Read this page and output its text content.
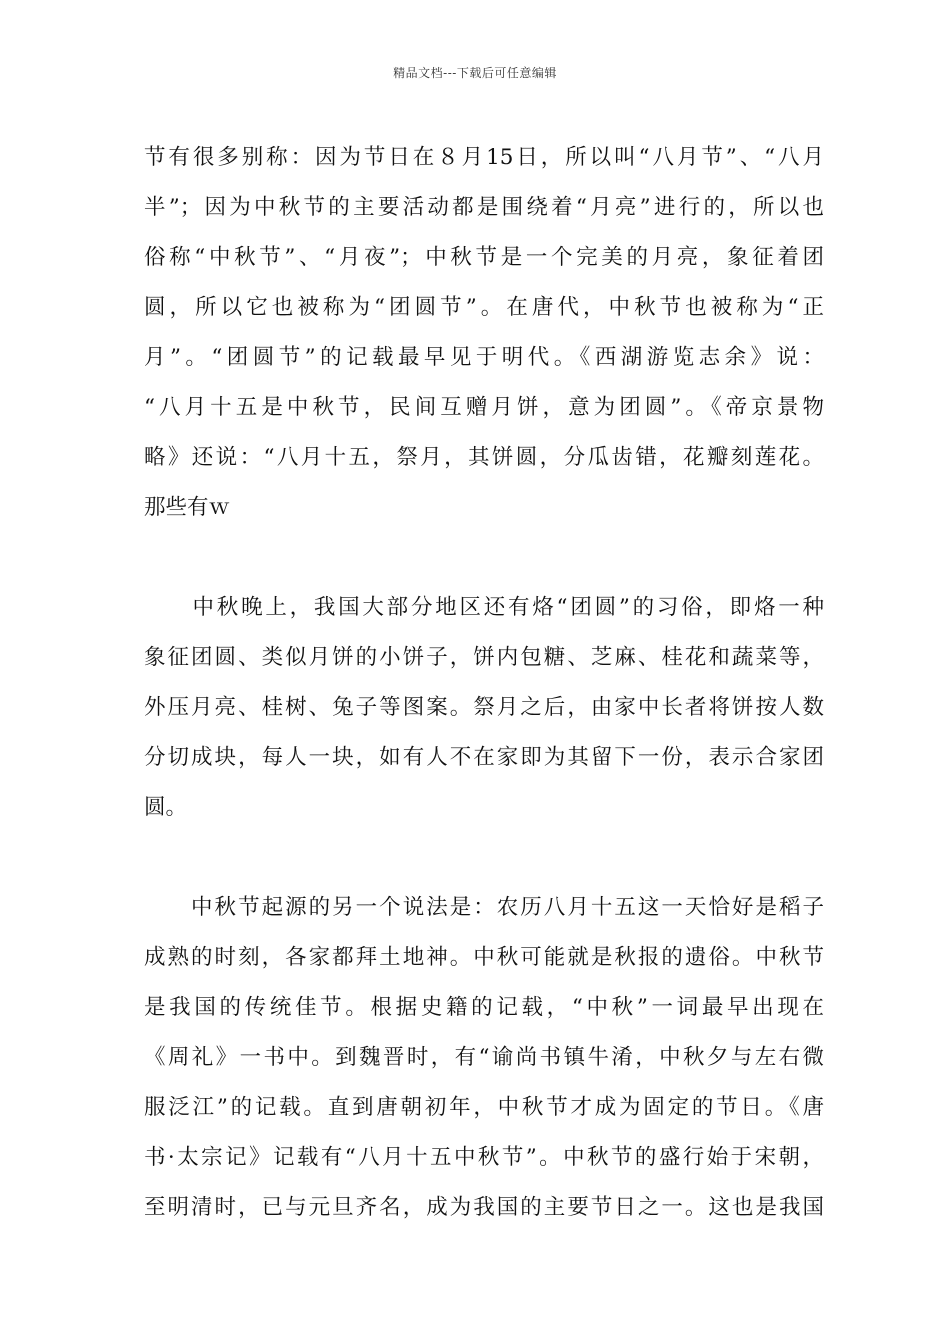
精品文档---下载后可任意编辑
节有很多别称：因为节日在８月15日，所以叫“八月节”、“八月
半”；因为中秋节的主要活动都是围绕着“月亮”进行的，所以也
俗称“中秋节”、“月夜”；中秋节是一个完美的月亮，象征着团
圆，所以它也被称为“团圆节”。在唐代，中秋节也被称为“正
月”。“团圆节”的记载最早见于明代。《西湖游览志余》说：
“八月十五是中秋节，民间互赠月饼，意为团圆”。《帝京景物
略》还说：“八月十五，祭月，其饼圆，分瓜齿错，花瓣刻莲花。
那些有ｗ
　　中秋晚上，我国大部分地区还有烙“团圆”的习俗，即烙一种
象征团圆、类似月饼的小饼子，饼内包糖、芝麻、桂花和蔬菜等，
外压月亮、桂树、兔子等图案。祭月之后，由家中长者将饼按人数
分切成块，每人一块，如有人不在家即为其留下一份，表示合家团
圆。
　　中秋节起源的另一个说法是：农历八月十五这一天恰好是稻子
成熟的时刻，各家都拜土地神。中秋可能就是秋报的遗俗。中秋节
是我国的传统佳节。根据史籍的记载，“中秋”一词最早出现在
《周礼》一书中。到魏晋时，有“谕尚书镇牛淆，中秋夕与左右微
服泛江”的记载。直到唐朝初年，中秋节才成为固定的节日。《唐
书·太宗记》记载有“八月十五中秋节”。中秋节的盛行始于宋朝，
至明清时，已与元旦齐名，成为我国的主要节日之一。这也是我国
